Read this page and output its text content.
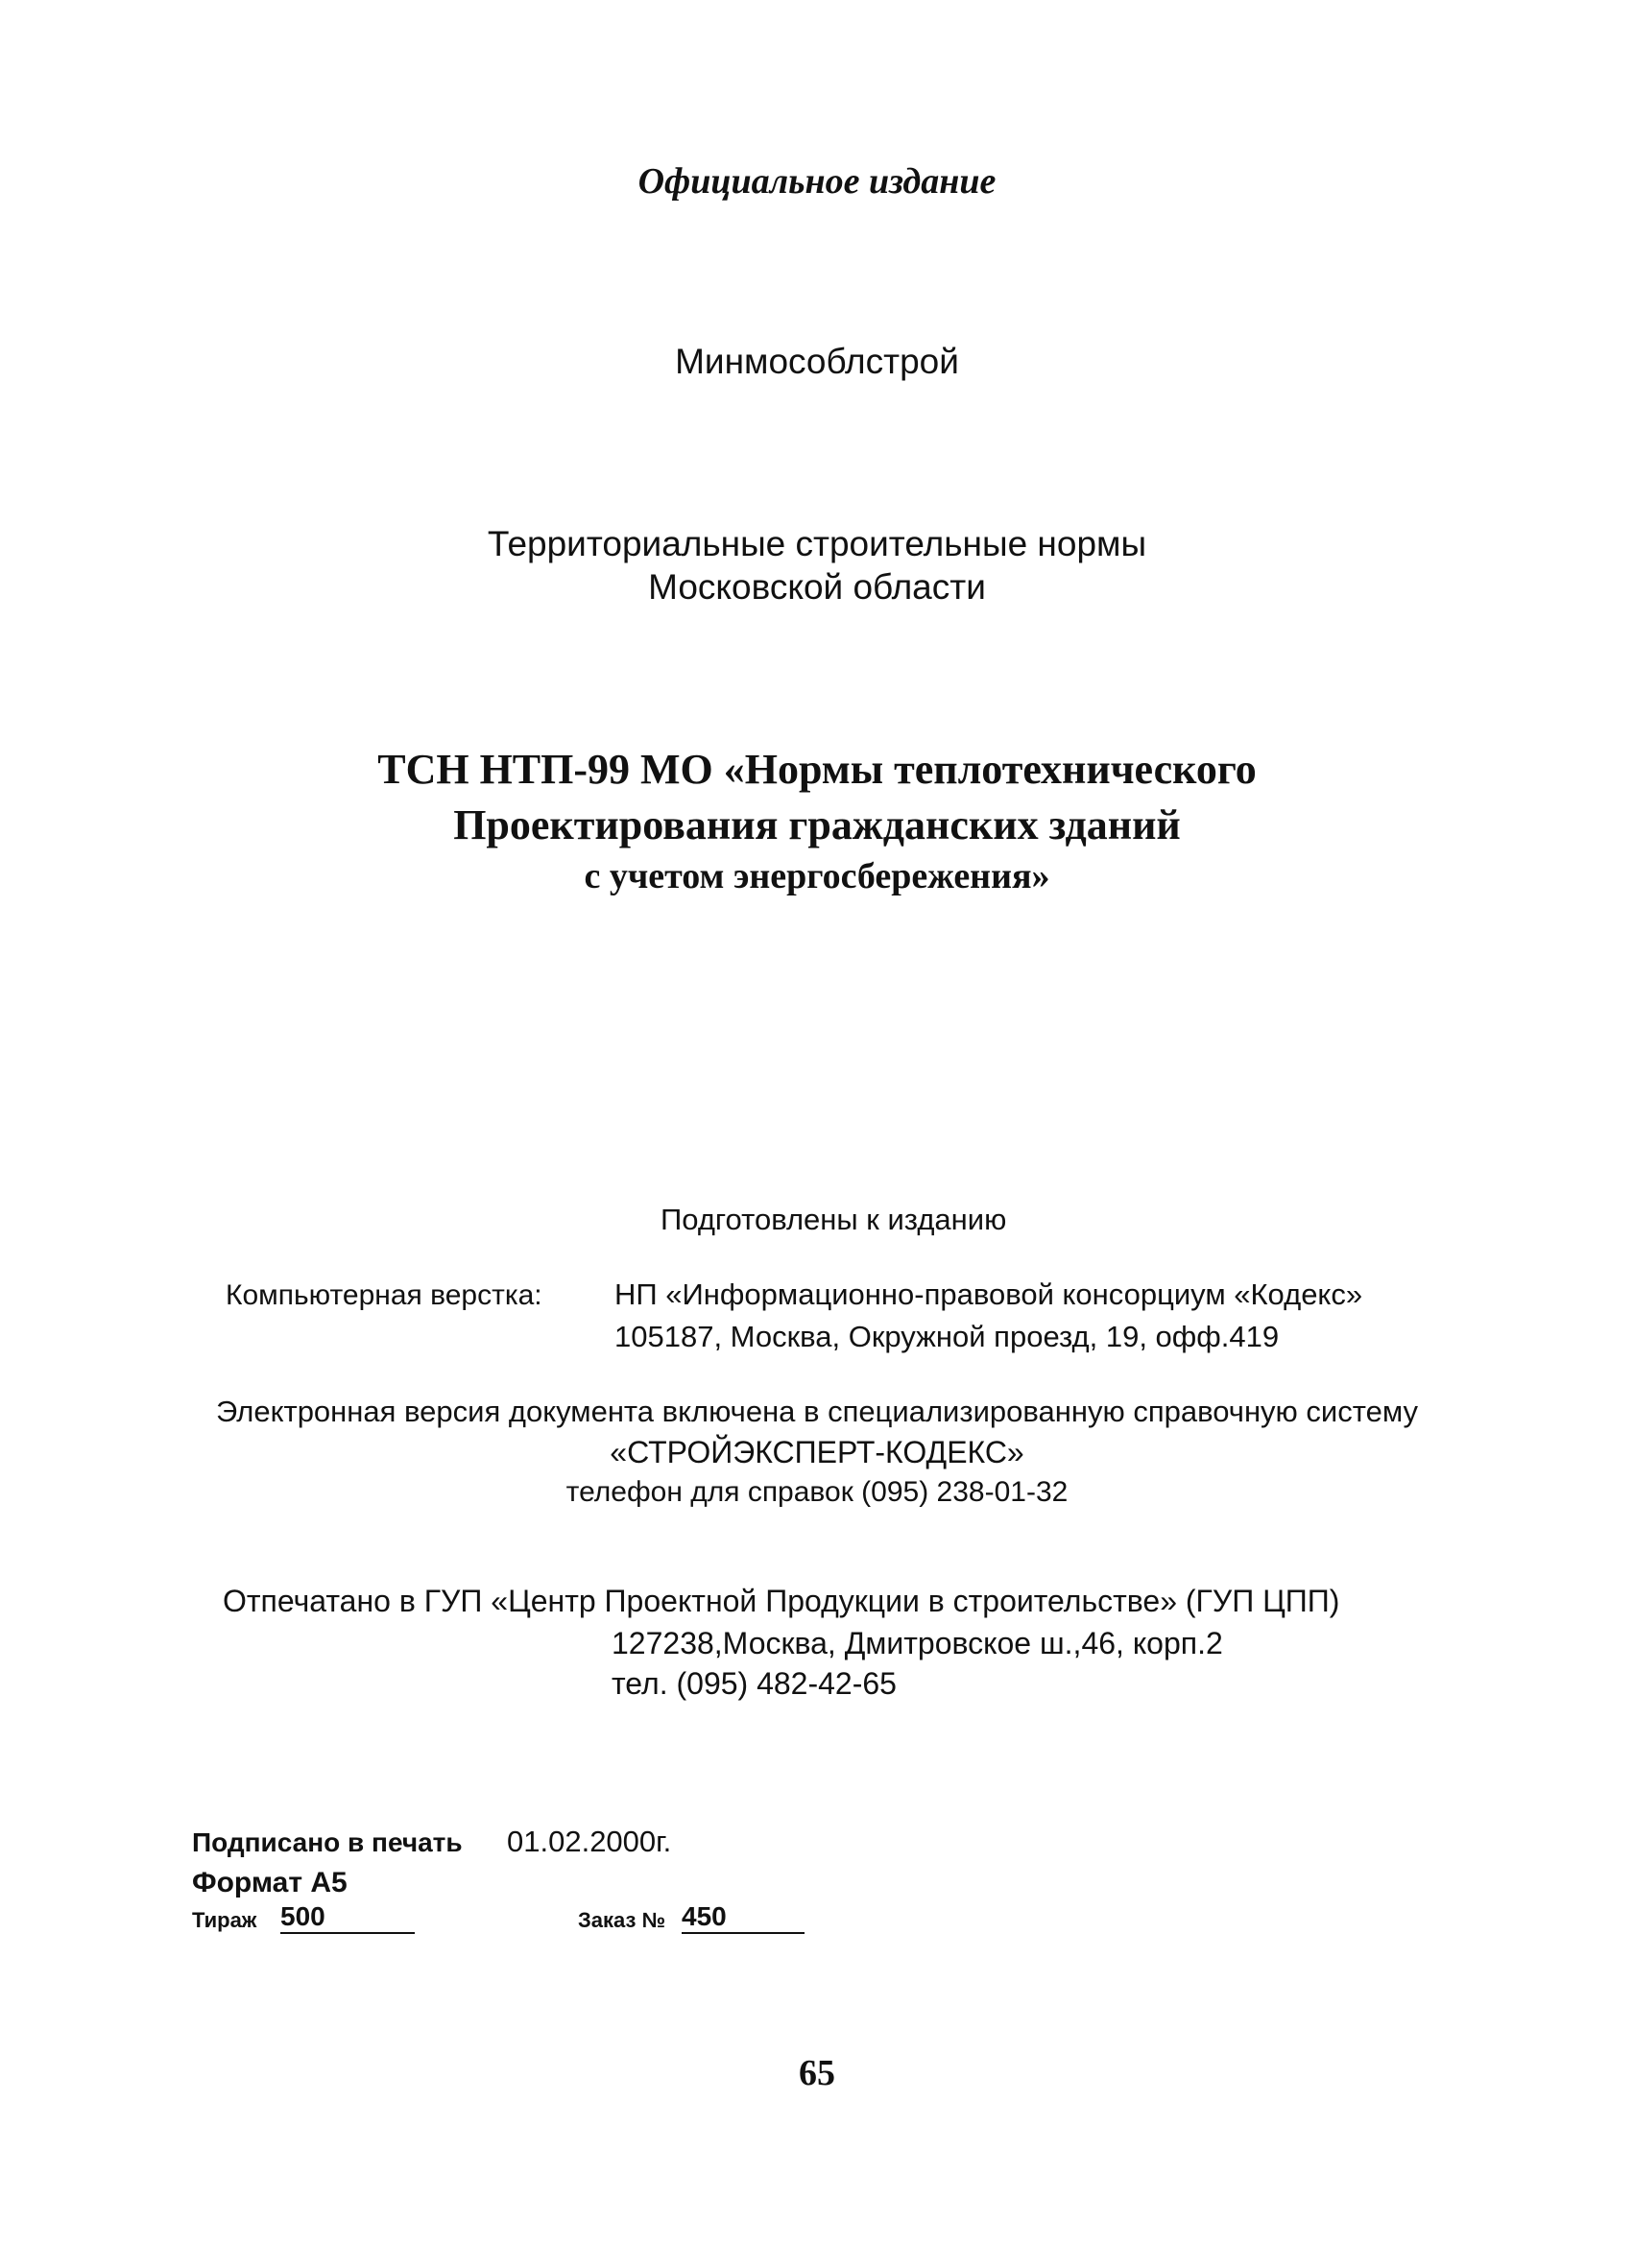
Официальное издание
Минмособлстрой
Территориальные строительные нормы
Московской области
ТСН НТП-99 МО «Нормы теплотехнического
Проектирования гражданских зданий
с учетом энергосбережения»
Подготовлены к изданию
Компьютерная верстка: НП «Информационно-правовой консорциум «Кодекс»
105187, Москва, Окружной проезд, 19, офф.419
Электронная версия документа включена в специализированную справочную систему
«СТРОЙЭКСПЕРТ-КОДЕКС»
телефон для справок (095) 238-01-32
Отпечатано в ГУП «Центр Проектной Продукции в строительстве» (ГУП ЦПП)
127238,Москва, Дмитровское ш.,46, корп.2
тел. (095) 482-42-65
Подписано в печать 01.02.2000г.
Формат А5
Тираж 500	Заказ № 450
65
